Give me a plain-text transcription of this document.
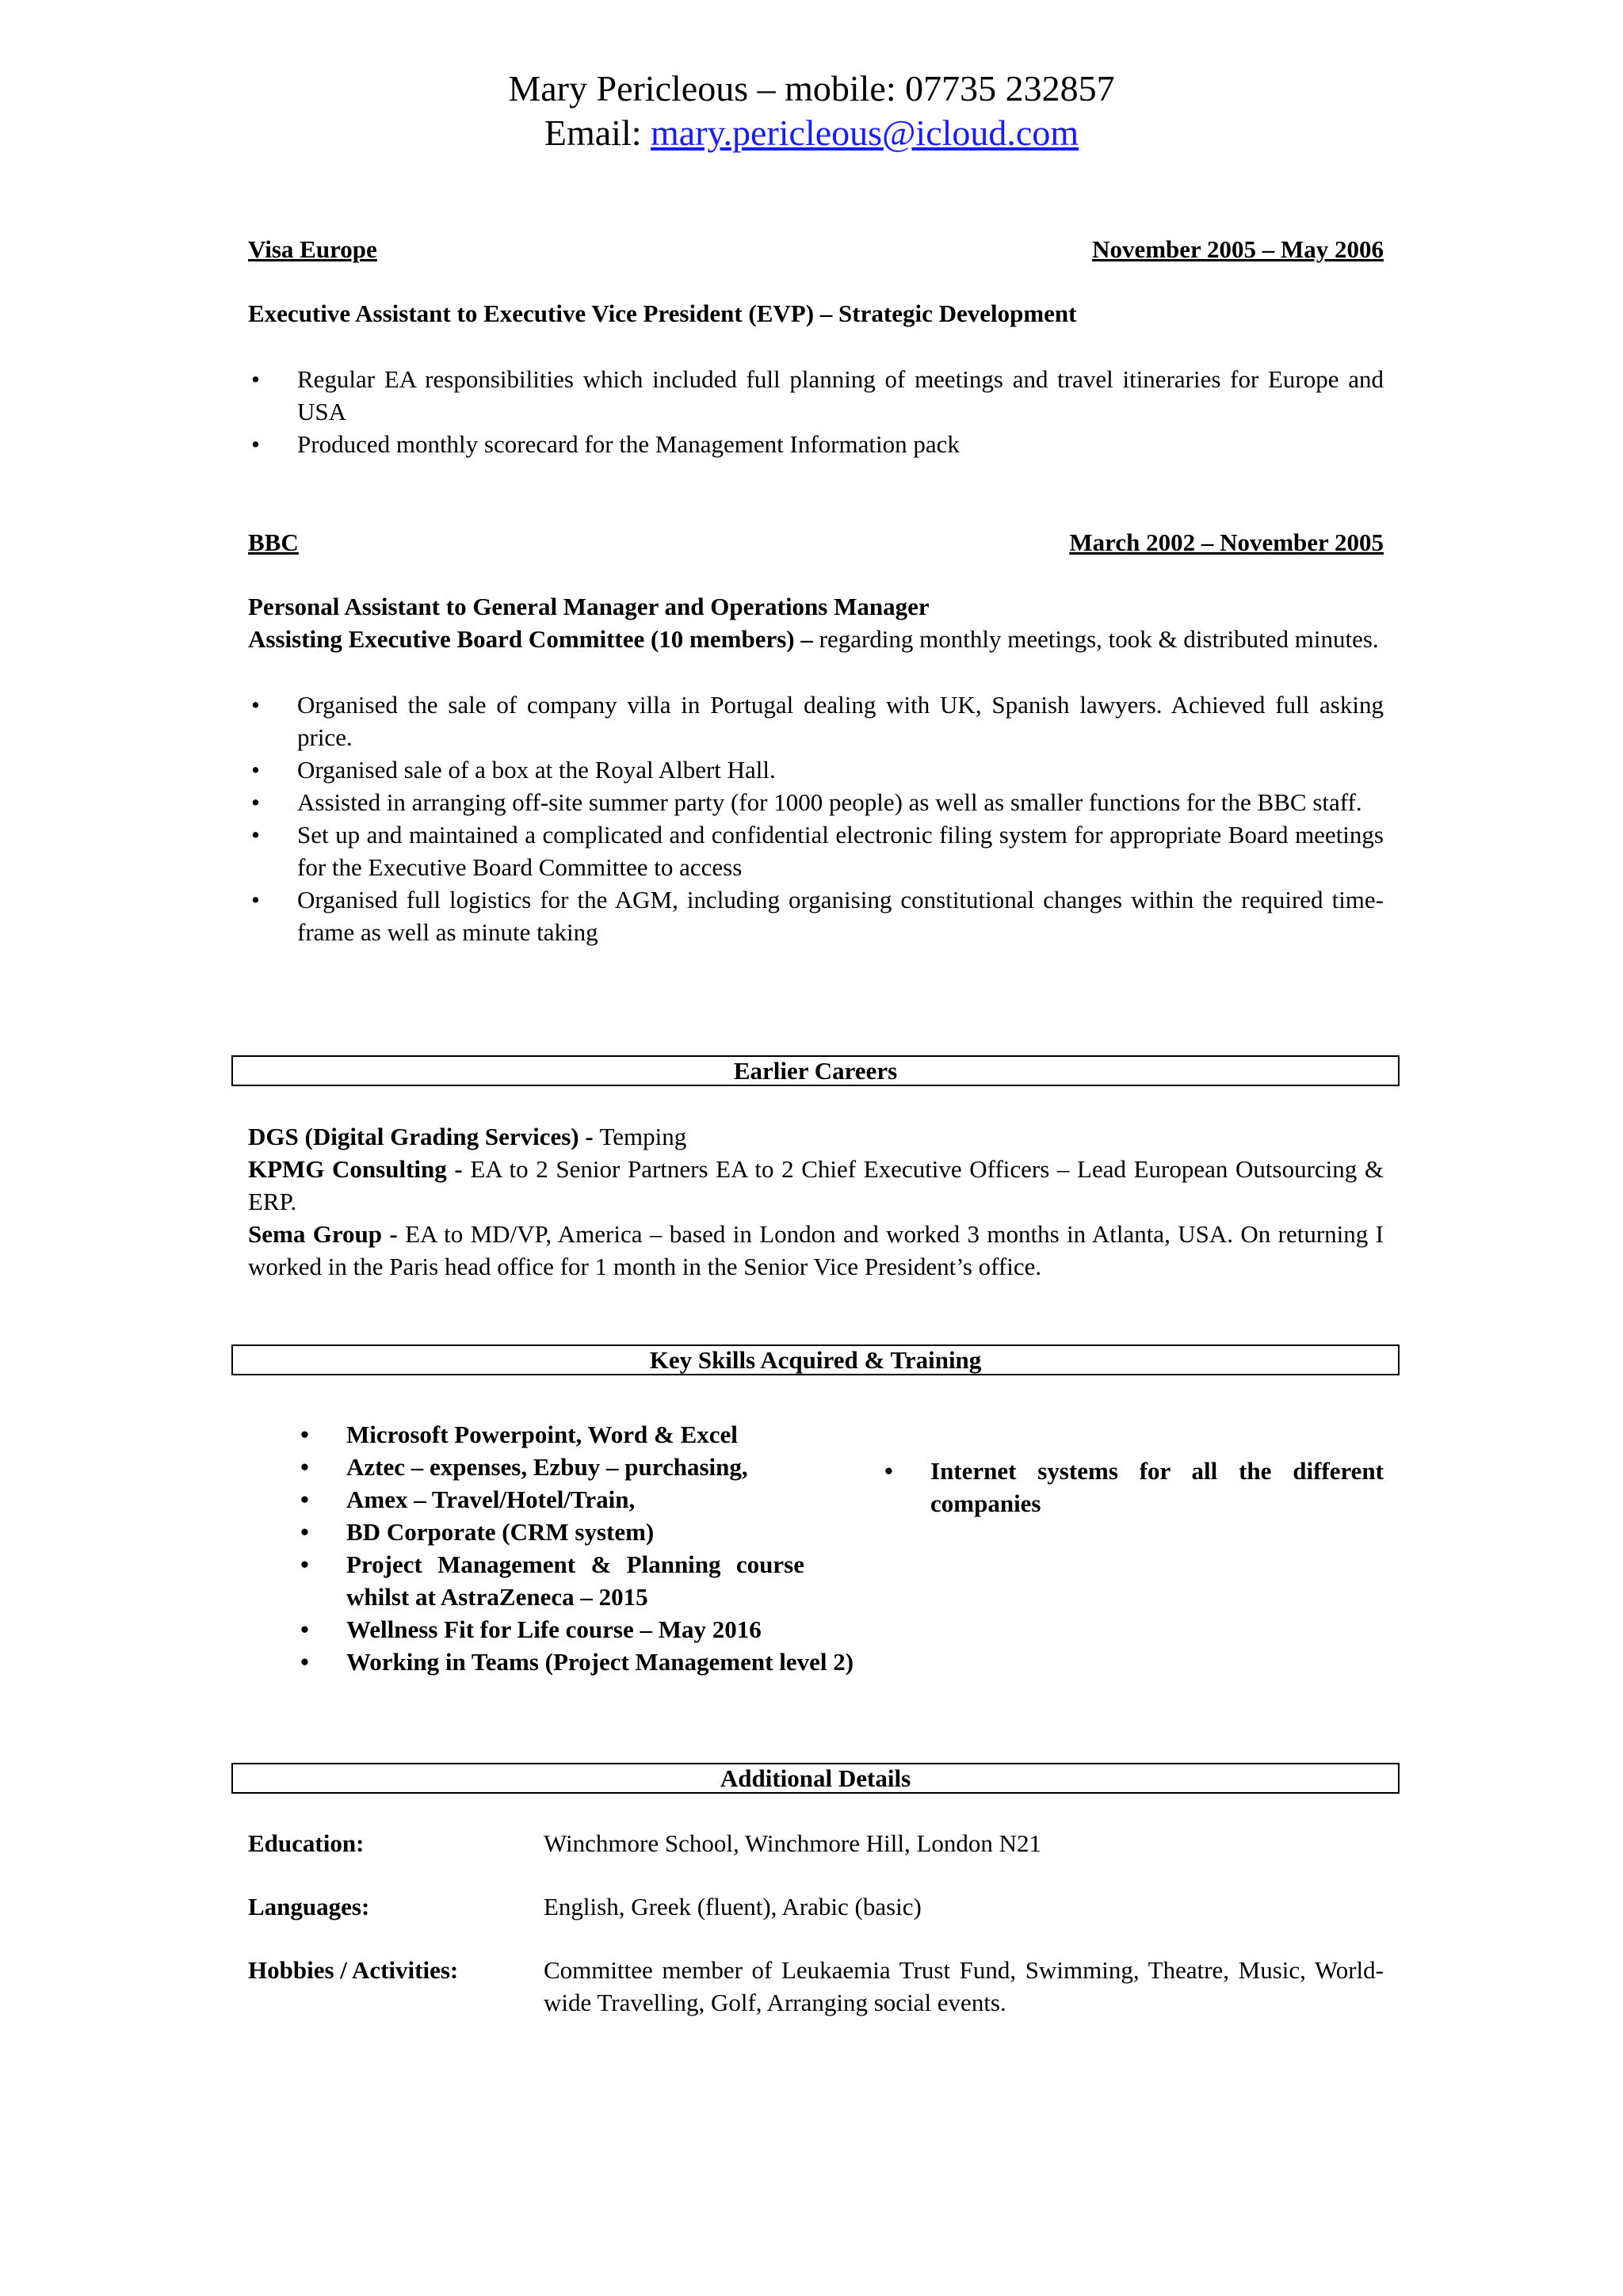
Mary Pericleous – mobile: 07735 232857
Email: mary.pericleous@icloud.com
Visa Europe	November 2005 – May 2006
Executive Assistant to Executive Vice President (EVP) – Strategic Development
• Regular EA responsibilities which included full planning of meetings and travel itineraries for Europe and USA
• Produced monthly scorecard for the Management Information pack
BBC	March 2002 – November 2005
Personal Assistant to General Manager and Operations Manager
Assisting Executive Board Committee (10 members) – regarding monthly meetings, took & distributed minutes.
• Organised the sale of company villa in Portugal dealing with UK, Spanish lawyers. Achieved full asking price.
• Organised sale of a box at the Royal Albert Hall.
• Assisted in arranging off-site summer party (for 1000 people) as well as smaller functions for the BBC staff.
• Set up and maintained a complicated and confidential electronic filing system for appropriate Board meetings for the Executive Board Committee to access
• Organised full logistics for the AGM, including organising constitutional changes within the required time-frame as well as minute taking
Earlier Careers
DGS (Digital Grading Services) - Temping
KPMG Consulting - EA to 2 Senior Partners EA to 2 Chief Executive Officers – Lead European Outsourcing & ERP.
Sema Group - EA to MD/VP, America – based in London and worked 3 months in Atlanta, USA. On returning I worked in the Paris head office for 1 month in the Senior Vice President’s office.
Key Skills Acquired & Training
• Microsoft Powerpoint, Word & Excel
• Aztec – expenses, Ezbuy – purchasing,
• Amex – Travel/Hotel/Train,
• BD Corporate (CRM system)
• Project Management & Planning course whilst at AstraZeneca – 2015
• Wellness Fit for Life course – May 2016
• Working in Teams (Project Management level 2)
• Internet systems for all the different companies
Additional Details
Education:	Winchmore School, Winchmore Hill, London N21
Languages:	English, Greek (fluent), Arabic (basic)
Hobbies / Activities:	Committee member of Leukaemia Trust Fund, Swimming, Theatre, Music, World-wide Travelling, Golf, Arranging social events.
